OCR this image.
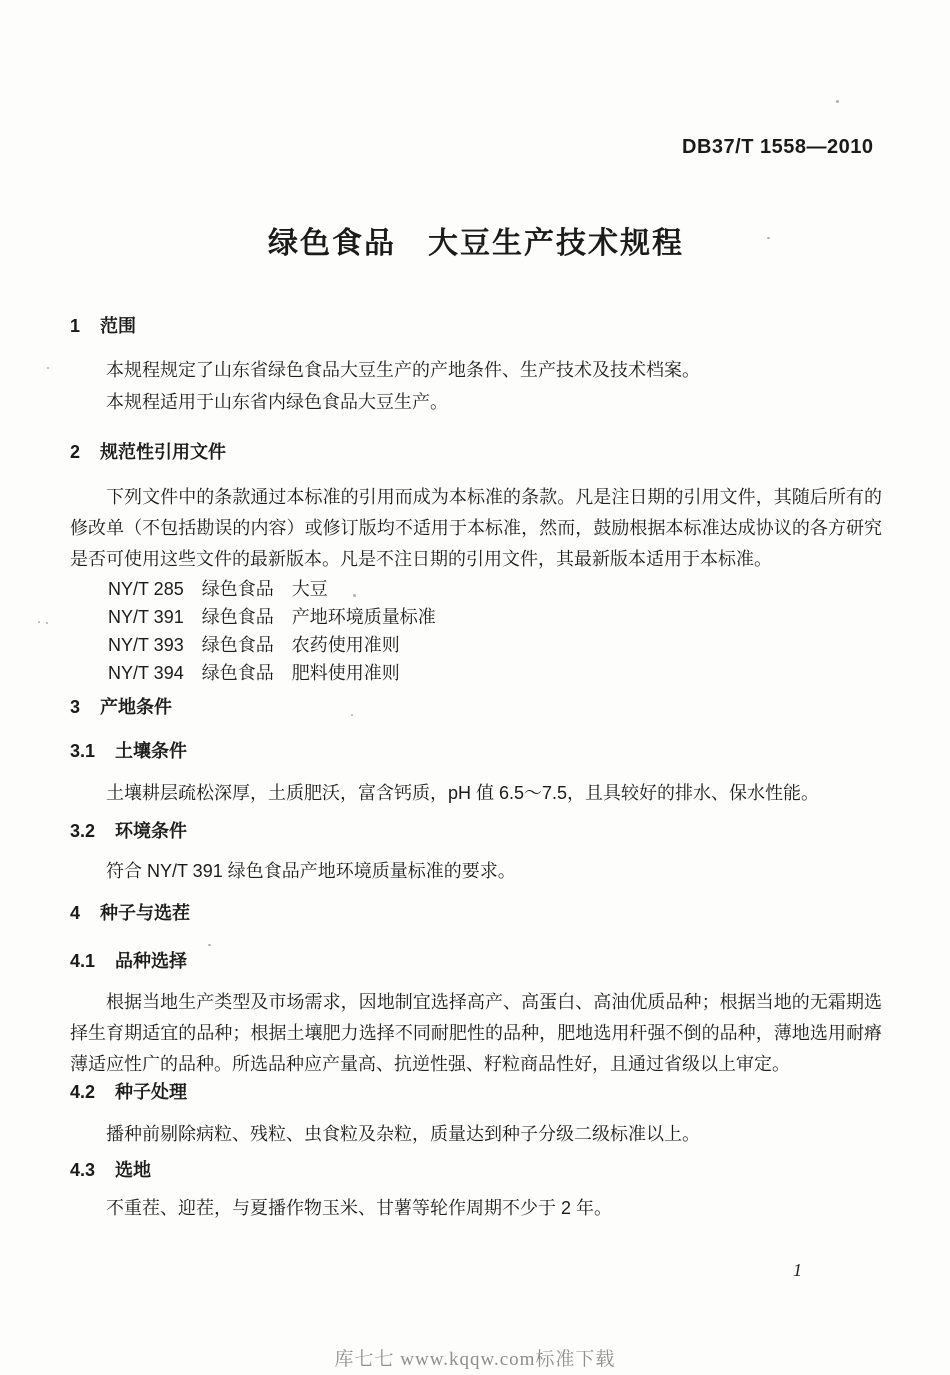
DB37/T 1558—2010
绿色食品　大豆生产技术规程
1 范围

本规程规定了山东省绿色食品大豆生产的产地条件、生产技术及技术档案。

本规程适用于山东省内绿色食品大豆生产。

2 规范性引用文件

下列文件中的条款通过本标准的引用而成为本标准的条款。凡是注日期的引用文件，其随后所有的修改单（不包括勘误的内容）或修订版均不适用于本标准，然而，鼓励根据本标准达成协议的各方研究是否可使用这些文件的最新版本。凡是不注日期的引用文件，其最新版本适用于本标准。

NY/T 285　绿色食品　大豆
NY/T 391　绿色食品　产地环境质量标准
NY/T 393　绿色食品　农药使用准则
NY/T 394　绿色食品　肥料使用准则
3 产地条件
3.1 土壤条件

土壤耕层疏松深厚，土质肥沃，富含钙质，pH 值 6.5～7.5，且具较好的排水、保水性能。

3.2 环境条件

符合 NY/T 391 绿色食品产地环境质量标准的要求。

4 种子与选茬
4.1 品种选择

根据当地生产类型及市场需求，因地制宜选择高产、高蛋白、高油优质品种；根据当地的无霜期选择生育期适宜的品种；根据土壤肥力选择不同耐肥性的品种，肥地选用秆强不倒的品种，薄地选用耐瘠薄适应性广的品种。所选品种应产量高、抗逆性强、籽粒商品性好，且通过省级以上审定。

4.2 种子处理

播种前剔除病粒、残粒、虫食粒及杂粒，质量达到种子分级二级标准以上。

4.3 选地

不重茬、迎茬，与夏播作物玉米、甘薯等轮作周期不少于 2 年。

1
库七七 www.kqqw.com标准下载
